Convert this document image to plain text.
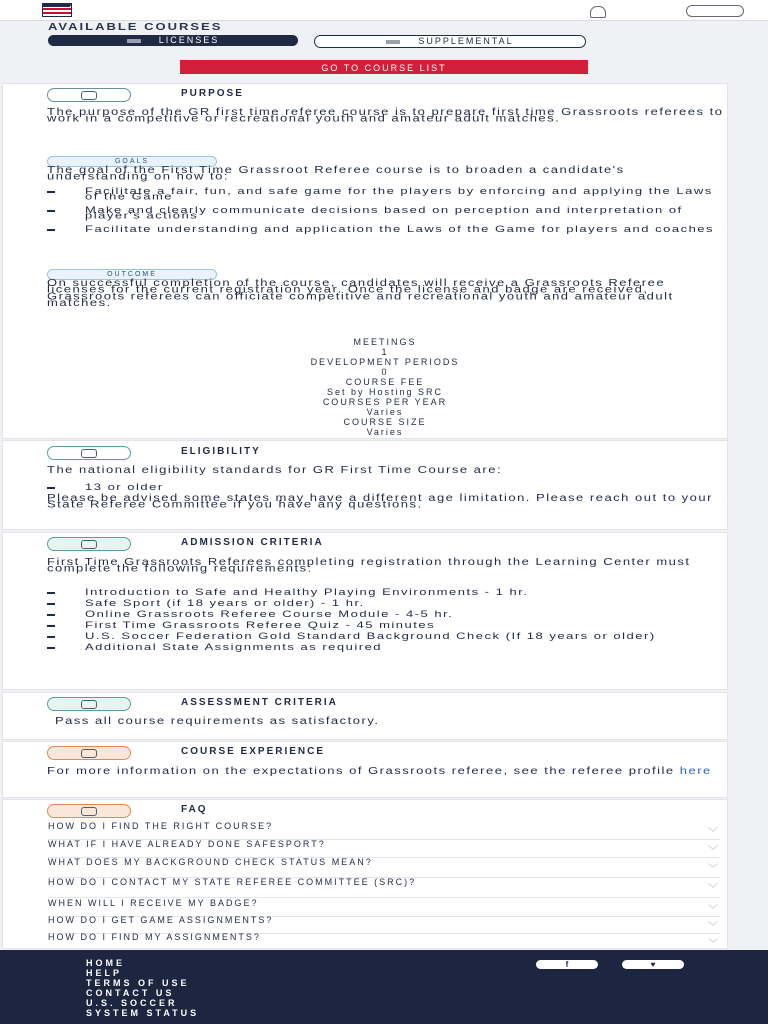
AVAILABLE COURSES
LICENSES	SUPPLEMENTAL
GO TO COURSE LIST
PURPOSE
The purpose of the GR first time referee course is to prepare first time Grassroots referees to work in a competitive or recreational youth and amateur adult matches.
GOALS
The goal of the First Time Grassroot Referee course is to broaden a candidate's understanding on how to:
Facilitate a fair, fun, and safe game for the players by enforcing and applying the Laws of the Game
Make and clearly communicate decisions based on perception and interpretation of player's actions
Facilitate understanding and application the Laws of the Game for players and coaches
OUTCOME
On successful completion of the course, candidates will receive a Grassroots Referee licenses for the current registration year. Once the license and badge are received, Grassroots referees can officiate competitive and recreational youth and amateur adult matches.
MEETINGS
1
DEVELOPMENT PERIODS
0
COURSE FEE
Set by Hosting SRC
COURSES PER YEAR
Varies
COURSE SIZE
Varies
ELIGIBILITY
The national eligibility standards for GR First Time Course are:
13 or older
Please be advised some states may have a different age limitation. Please reach out to your State Referee Committee if you have any questions.
ADMISSION CRITERIA
First Time Grassroots Referees completing registration through the Learning Center must complete the following requirements:
Introduction to Safe and Healthy Playing Environments - 1 hr.
Safe Sport (if 18 years or older) - 1 hr.
Online Grassroots Referee Course Module - 4-5 hr.
First Time Grassroots Referee Quiz - 45 minutes
U.S. Soccer Federation Gold Standard Background Check (If 18 years or older)
Additional State Assignments as required
ASSESSMENT CRITERIA
Pass all course requirements as satisfactory.
COURSE EXPERIENCE
For more information on the expectations of Grassroots referee, see the referee profile here
FAQ
HOW DO I FIND THE RIGHT COURSE?
﹀
WHAT IF I HAVE ALREADY DONE SAFESPORT?
﹀
WHAT DOES MY BACKGROUND CHECK STATUS MEAN?
﹀
HOW DO I CONTACT MY STATE REFEREE COMMITTEE (SRC)?
﹀
WHEN WILL I RECEIVE MY BADGE?
﹀
HOW DO I GET GAME ASSIGNMENTS?
﹀
HOW DO I FIND MY ASSIGNMENTS?
﹀
HOME
HELP
TERMS OF USE
CONTACT US
U.S. SOCCER
SYSTEM STATUS
f	♥
